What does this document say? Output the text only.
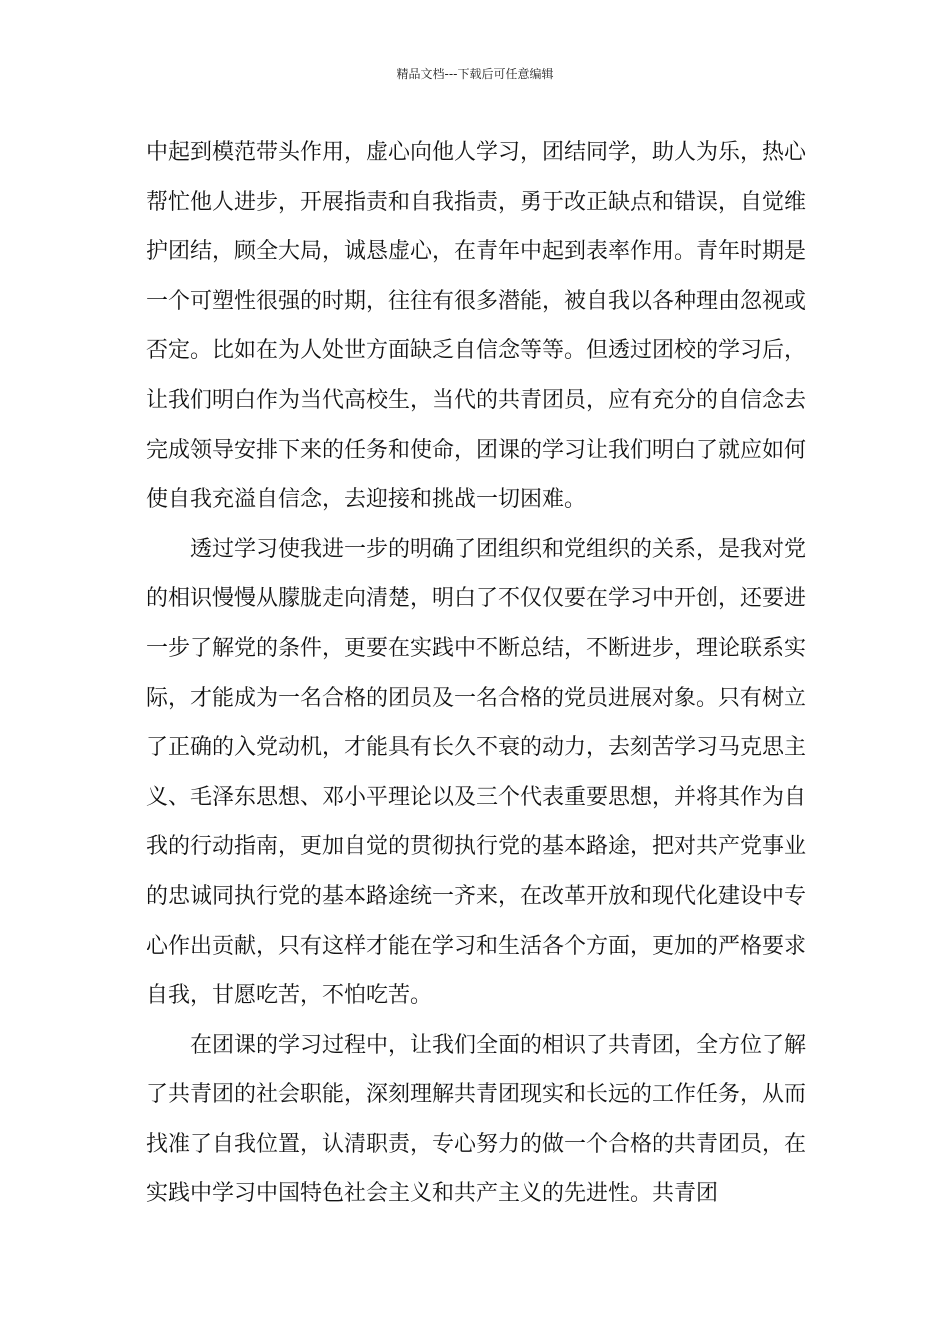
精品文档---下载后可任意编辑

中起到模范带头作用，虚心向他人学习，团结同学，助人为乐，热心帮忙他人进步，开展指责和自我指责，勇于改正缺点和错误，自觉维护团结，顾全大局，诚恳虚心，在青年中起到表率作用。青年时期是一个可塑性很强的时期，往往有很多潜能，被自我以各种理由忽视或否定。比如在为人处世方面缺乏自信念等等。但透过团校的学习后，让我们明白作为当代高校生，当代的共青团员，应有充分的自信念去完成领导安排下来的任务和使命，团课的学习让我们明白了就应如何使自我充溢自信念，去迎接和挑战一切困难。

透过学习使我进一步的明确了团组织和党组织的关系，是我对党的相识慢慢从朦胧走向清楚，明白了不仅仅要在学习中开创，还要进一步了解党的条件，更要在实践中不断总结，不断进步，理论联系实际，才能成为一名合格的团员及一名合格的党员进展对象。只有树立了正确的入党动机，才能具有长久不衰的动力，去刻苦学习马克思主义、毛泽东思想、邓小平理论以及三个代表重要思想，并将其作为自我的行动指南，更加自觉的贯彻执行党的基本路途，把对共产党事业的忠诚同执行党的基本路途统一齐来，在改革开放和现代化建设中专心作出贡献，只有这样才能在学习和生活各个方面，更加的严格要求自我，甘愿吃苦，不怕吃苦。

在团课的学习过程中，让我们全面的相识了共青团，全方位了解了共青团的社会职能，深刻理解共青团现实和长远的工作任务，从而找准了自我位置，认清职责，专心努力的做一个合格的共青团员，在实践中学习中国特色社会主义和共产主义的先进性。共青团
